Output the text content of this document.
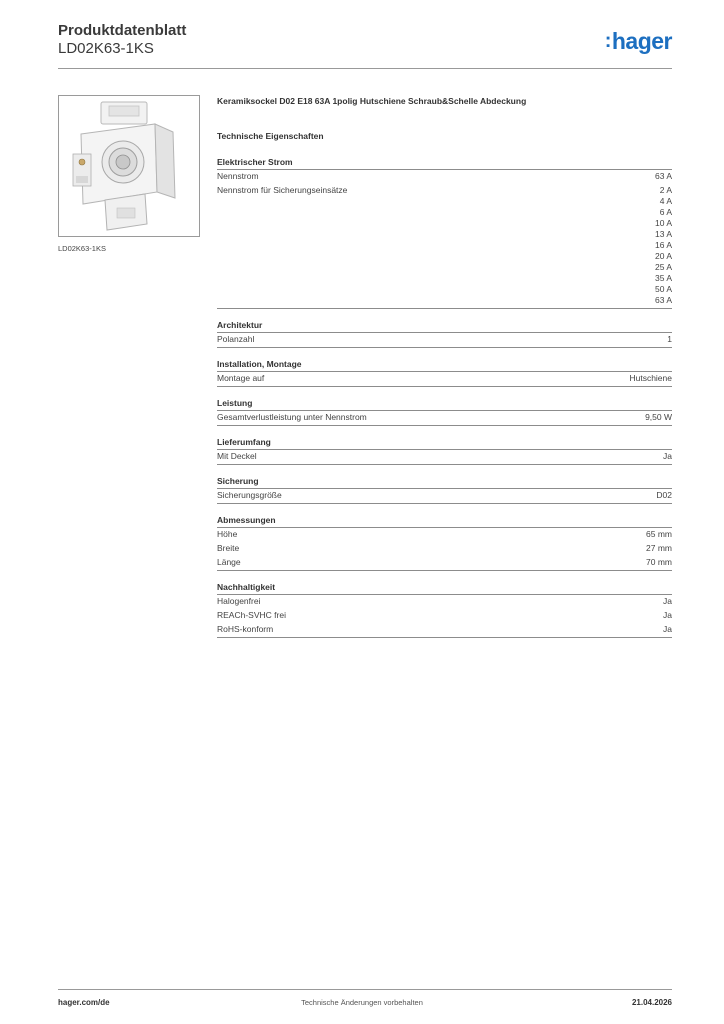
Produktdatenblatt
LD02K63-1KS	:hager
LD02K63-1KS
Keramiksockel D02 E18 63A 1polig Hutschiene Schraub&Schelle Abdeckung
Technische Eigenschaften
Elektrischer Strom
Nennstrom	63 A
Nennstrom für Sicherungseinsätze	2 A
4 A
6 A
10 A
13 A
16 A
20 A
25 A
35 A
50 A
63 A
Architektur
Polanzahl	1
Installation, Montage
Montage auf	Hutschiene
Leistung
Gesamtverlustleistung unter Nennstrom	9,50 W
Lieferumfang
Mit Deckel	Ja
Sicherung
Sicherungsgröße	D02
Abmessungen
Höhe	65 mm
Breite	27 mm
Länge	70 mm
Nachhaltigkeit
Halogenfrei	Ja
REACh-SVHC frei	Ja
RoHS-konform	Ja
hager.com/de	Technische Änderungen vorbehalten	21.04.2026
